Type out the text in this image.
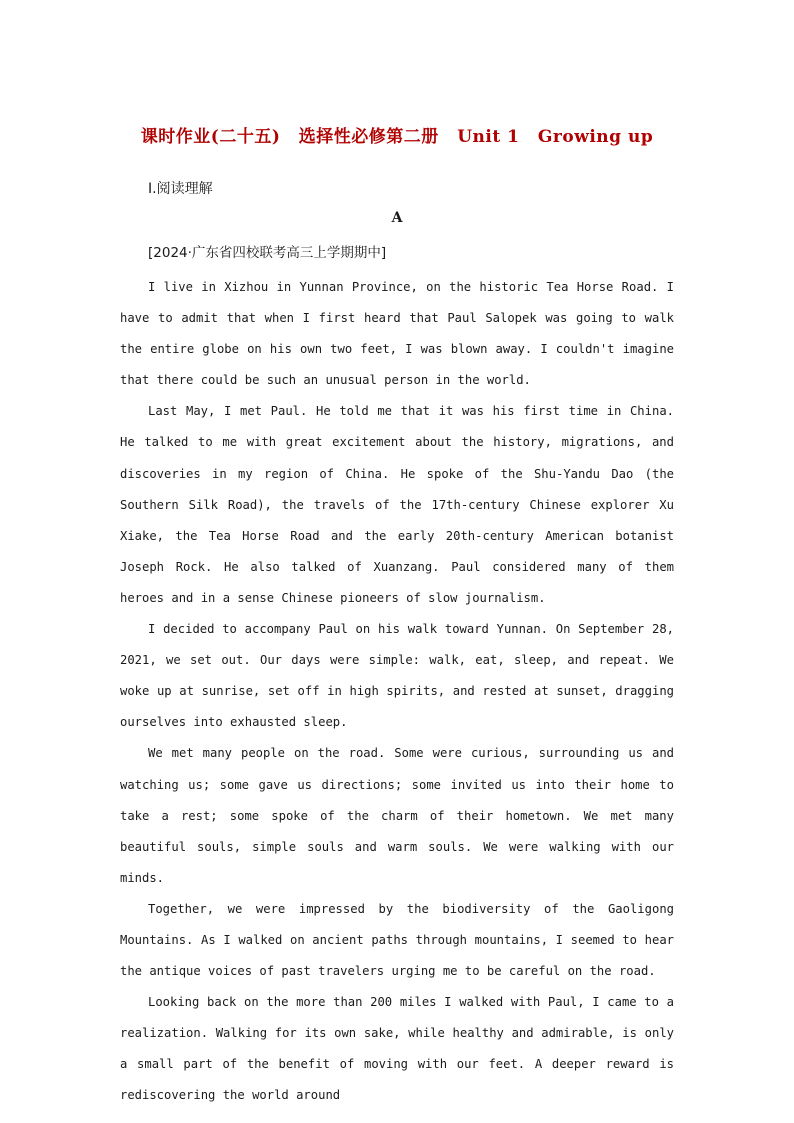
课时作业(二十五) 选择性必修第二册 Unit 1 Growing up
Ⅰ.阅读理解
A
[2024·广东省四校联考高三上学期期中]

I live in Xizhou in Yunnan Province, on the historic Tea Horse Road. I have to admit that when I first heard that Paul Salopek was going to walk the entire globe on his own two feet, I was blown away. I couldn't imagine that there could be such an unusual person in the world.

Last May, I met Paul. He told me that it was his first time in China. He talked to me with great excitement about the history, migrations, and discoveries in my region of China. He spoke of the Shu-Yandu Dao (the Southern Silk Road), the travels of the 17th-century Chinese explorer Xu Xiake, the Tea Horse Road and the early 20th-century American botanist Joseph Rock. He also talked of Xuanzang. Paul considered many of them heroes and in a sense Chinese pioneers of slow journalism.

I decided to accompany Paul on his walk toward Yunnan. On September 28, 2021, we set out. Our days were simple: walk, eat, sleep, and repeat. We woke up at sunrise, set off in high spirits, and rested at sunset, dragging ourselves into exhausted sleep.

We met many people on the road. Some were curious, surrounding us and watching us; some gave us directions; some invited us into their home to take a rest; some spoke of the charm of their hometown. We met many beautiful souls, simple souls and warm souls. We were walking with our minds.

Together, we were impressed by the biodiversity of the Gaoligong Mountains. As I walked on ancient paths through mountains, I seemed to hear the antique voices of past travelers urging me to be careful on the road.

Looking back on the more than 200 miles I walked with Paul, I came to a realization. Walking for its own sake, while healthy and admirable, is only a small part of the benefit of moving with our feet. A deeper reward is rediscovering the world around
